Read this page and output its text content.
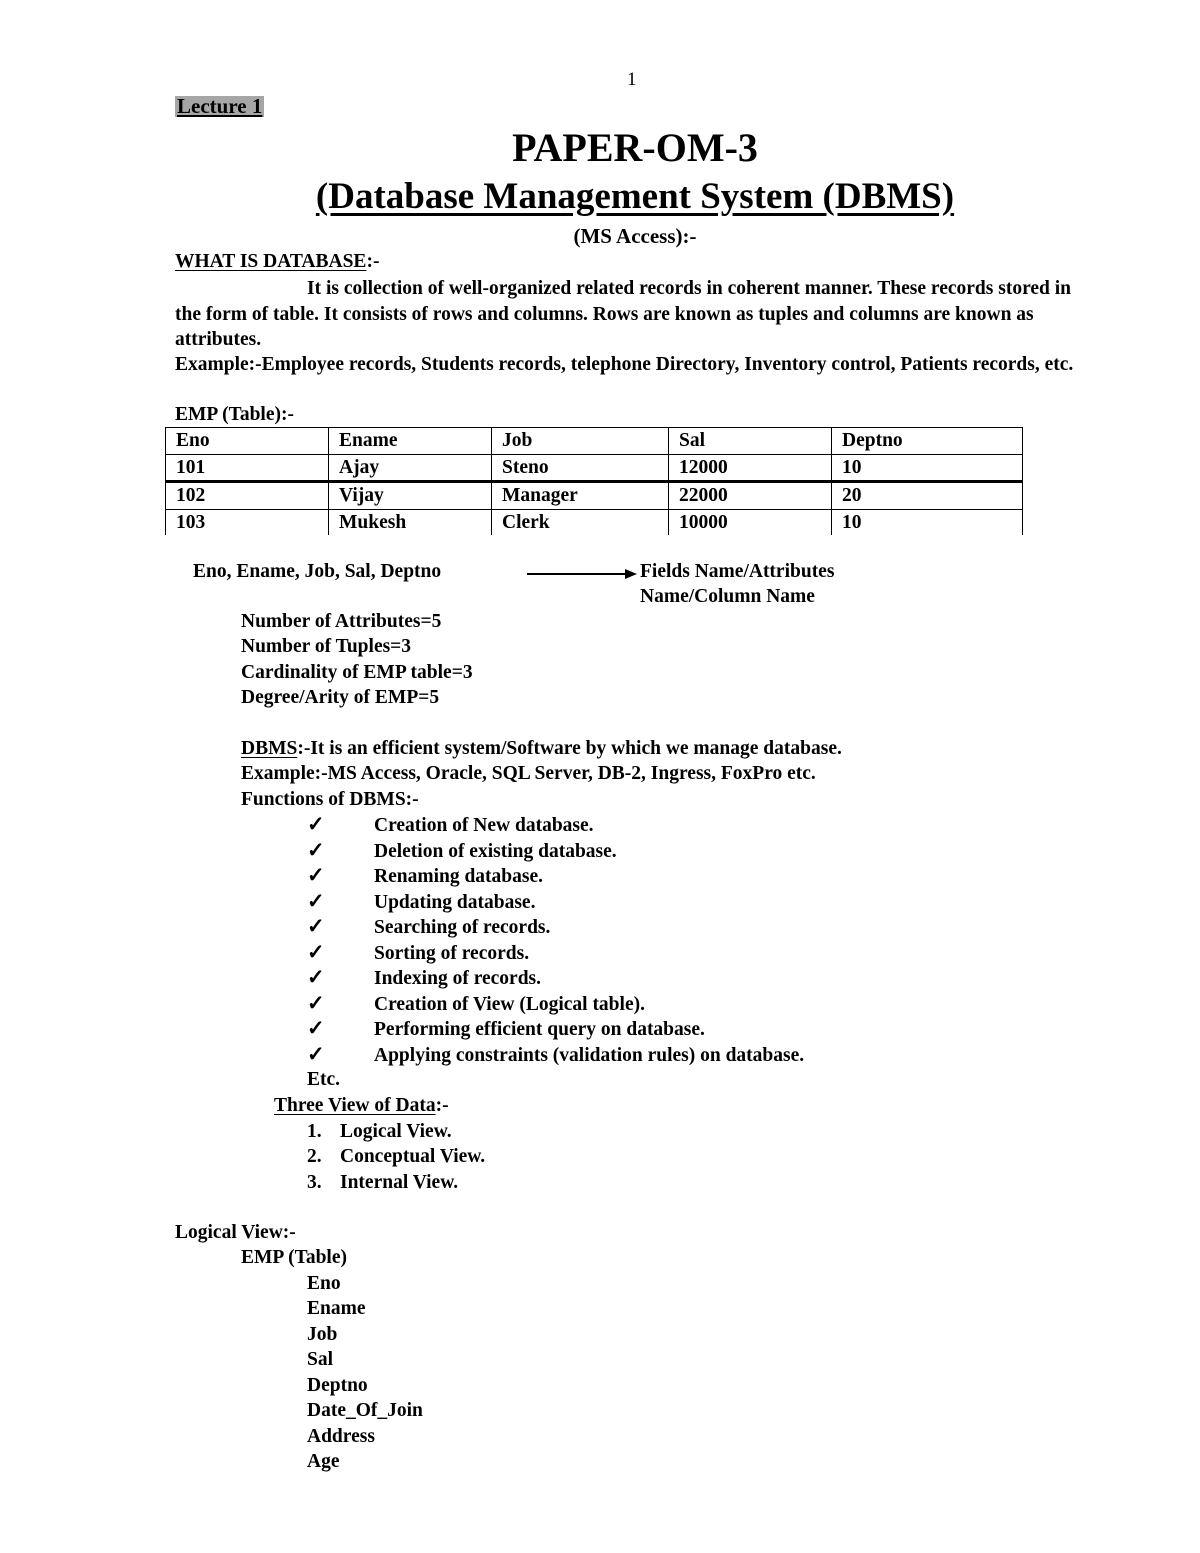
1
Lecture 1
PAPER-OM-3
(Database Management System (DBMS)
(MS Access):-
WHAT IS DATABASE:-
It is collection of well-organized related records in coherent manner. These records stored in the form of table. It consists of rows and columns. Rows are known as tuples and columns are known as attributes.
Example:-Employee records, Students records, telephone Directory, Inventory control, Patients records, etc.
EMP (Table):-
Eno	Ename	Job	Sal	Deptno
101	Ajay	Steno	12000	10
102	Vijay	Manager	22000	20
103	Mukesh	Clerk	10000	10
Eno, Ename, Job, Sal, Deptno	Fields Name/Attributes
Name/Column Name
Number of Attributes=5
Number of Tuples=3
Cardinality of EMP table=3
Degree/Arity of EMP=5
DBMS:-It is an efficient system/Software by which we manage database.
Example:-MS Access, Oracle, SQL Server, DB-2, Ingress, FoxPro etc.
Functions of DBMS:-
✓	Creation of New database.
✓	Deletion of existing database.
✓	Renaming database.
✓	Updating database.
✓	Searching of records.
✓	Sorting of records.
✓	Indexing of records.
✓	Creation of View (Logical table).
✓	Performing efficient query on database.
✓	Applying constraints (validation rules) on database.
Etc.
Three View of Data:-
1. Logical View.
2. Conceptual View.
3. Internal View.
Logical View:-
EMP (Table)
Eno
Ename
Job
Sal
Deptno
Date_Of_Join
Address
Age
